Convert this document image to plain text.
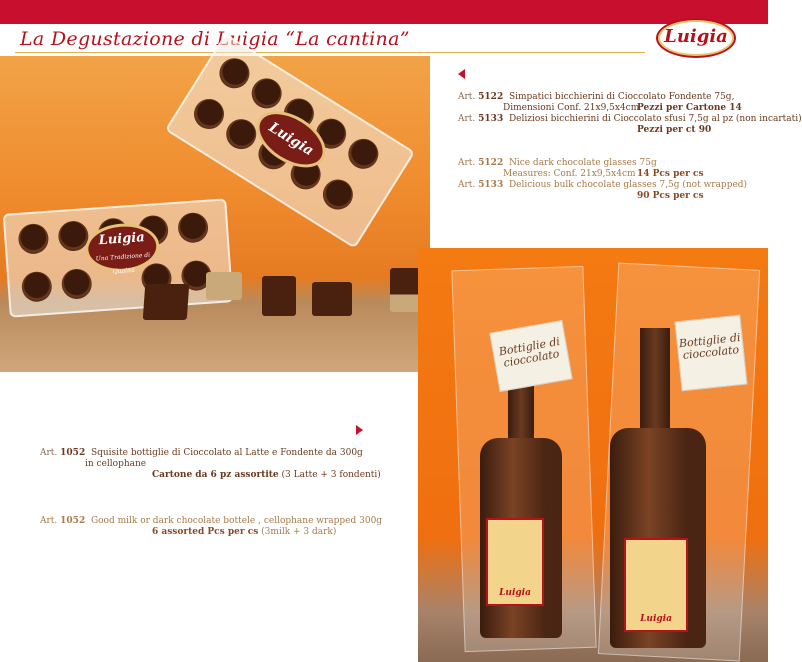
La Degustazione di Luigia “La cantina”	Luigia
Luigia
Luigia
Una Tradizione di Qualità
Luigia
Luigia
Bottiglie di cioccolato
Bottiglie di cioccolato
Art. 5122 Simpatici bicchierini di Cioccolato Fondente 75g,
Dimensioni Conf. 21x9,5x4cm
Pezzi per Cartone 14
Art. 5133 Deliziosi bicchierini di Cioccolato sfusi 7,5g al pz (non incartati)
Pezzi per ct 90
Art. 5122 Nice dark chocolate glasses 75g
Measures: Conf. 21x9,5x4cm 14 Pcs per cs
Art. 5133 Delicious bulk chocolate glasses 7,5g (not wrapped)
90 Pcs per cs
Art. 1052 Squisite bottiglie di Cioccolato al Latte e Fondente da 300g
in cellophane
Cartone da 6 pz assortite (3 Latte + 3 fondenti)
Art. 1052 Good milk or dark chocolate bottele , cellophane wrapped 300g
6 assorted Pcs per cs (3milk + 3 dark)
